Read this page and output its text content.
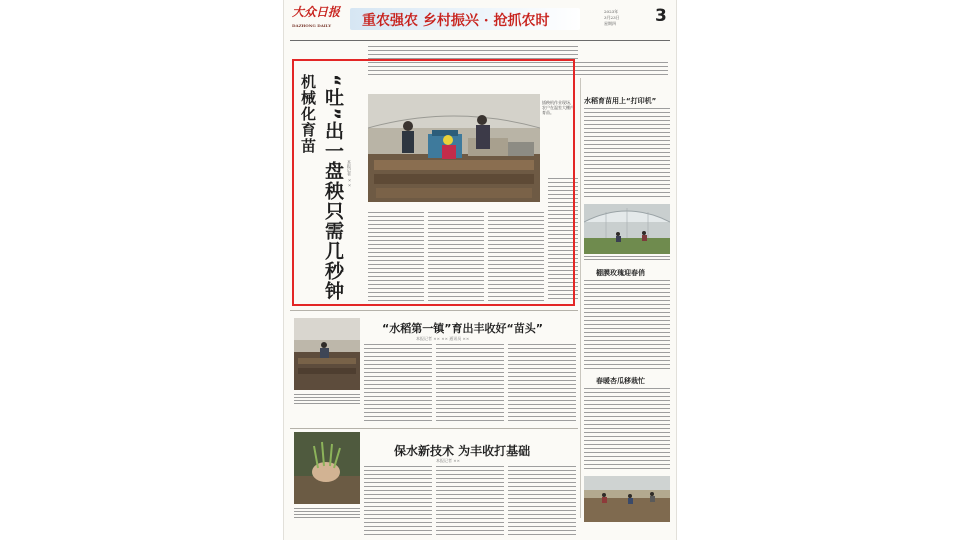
大众日报
DAZHONG DAILY	重农强农 乡村振兴 · 抢抓农时
2023年
3月23日
星期四	3
插秧机作业现场，农户在温室大棚内育苗。
水稻育苗用上“打印机”
棚膜玫瑰迎春俏
春暖杏瓜移栽忙
“水稻第一镇”育出丰收好“苗头”
本报记者 ×× ×× 通讯员 ××
保水新技术 为丰收打基础
本报记者 ××
机械化育苗 “吐”出一盘秧只需几秒钟 本报记者 ××
